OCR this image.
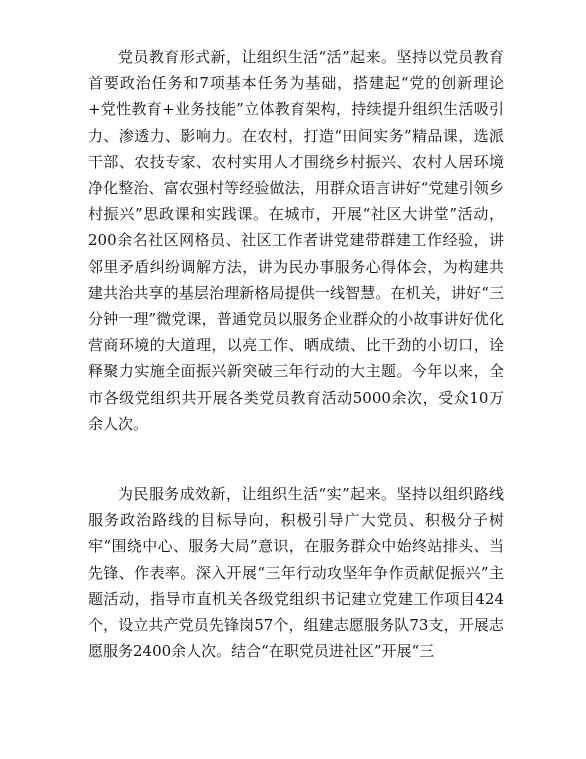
党员教育形式新，让组织生活“活”起来。坚持以党员教育首要政治任务和7项基本任务为基础，搭建起“党的创新理论+党性教育+业务技能”立体教育架构，持续提升组织生活吸引力、渗透力、影响力。在农村，打造“田间实务”精品课，选派干部、农技专家、农村实用人才围绕乡村振兴、农村人居环境净化整治、富农强村等经验做法，用群众语言讲好“党建引领乡村振兴”思政课和实践课。在城市，开展“社区大讲堂”活动，200余名社区网格员、社区工作者讲党建带群建工作经验，讲邻里矛盾纠纷调解方法，讲为民办事服务心得体会，为构建共建共治共享的基层治理新格局提供一线智慧。在机关，讲好“三分钟一理”微党课，普通党员以服务企业群众的小故事讲好优化营商环境的大道理，以亮工作、晒成绩、比干劲的小切口，诠释聚力实施全面振兴新突破三年行动的大主题。今年以来，全市各级党组织共开展各类党员教育活动5000余次，受众10万余人次。

为民服务成效新，让组织生活“实”起来。坚持以组织路线服务政治路线的目标导向，积极引导广大党员、积极分子树牢“围绕中心、服务大局”意识，在服务群众中始终站排头、当先锋、作表率。深入开展“三年行动攻坚年争作贡献促振兴”主题活动，指导市直机关各级党组织书记建立党建工作项目424个，设立共产党员先锋岗57个，组建志愿服务队73支，开展志愿服务2400余人次。结合“在职党员进社区”开展“三
